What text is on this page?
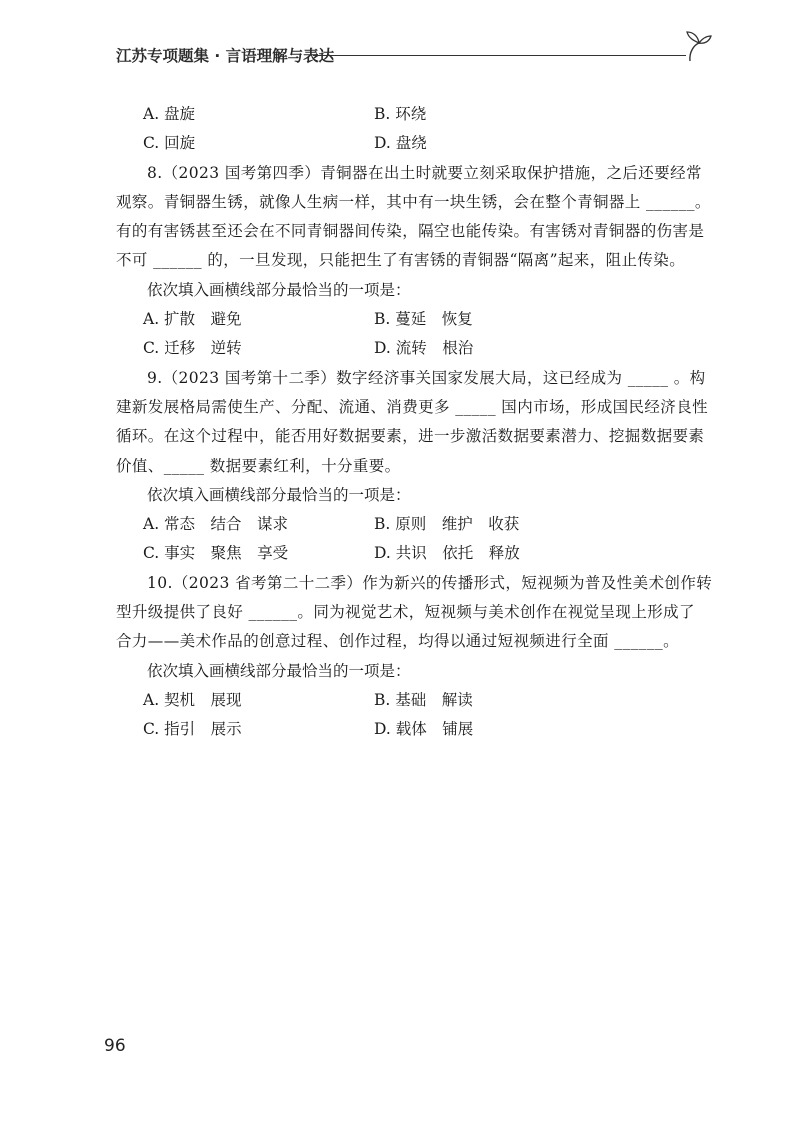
江苏专项题集 · 言语理解与表达

A. 盘旋	B. 环绕

C. 回旋	D. 盘绕

8.（2023 国考第四季）青铜器在出土时就要立刻采取保护措施，之后还要经常

观察。青铜器生锈，就像人生病一样，其中有一块生锈，会在整个青铜器上 ______。

有的有害锈甚至还会在不同青铜器间传染，隔空也能传染。有害锈对青铜器的伤害是

不可 ______ 的，一旦发现，只能把生了有害锈的青铜器“隔离”起来，阻止传染。

依次填入画横线部分最恰当的一项是：

A. 扩散　避免	B. 蔓延　恢复

C. 迁移　逆转	D. 流转　根治

9.（2023 国考第十二季）数字经济事关国家发展大局，这已经成为 _____ 。构

建新发展格局需使生产、分配、流通、消费更多 _____ 国内市场，形成国民经济良性

循环。在这个过程中，能否用好数据要素，进一步激活数据要素潜力、挖掘数据要素

价值、_____ 数据要素红利，十分重要。

依次填入画横线部分最恰当的一项是：

A. 常态　结合　谋求	B. 原则　维护　收获

C. 事实　聚焦　享受	D. 共识　依托　释放

10.（2023 省考第二十二季）作为新兴的传播形式，短视频为普及性美术创作转

型升级提供了良好 ______。同为视觉艺术，短视频与美术创作在视觉呈现上形成了

合力——美术作品的创意过程、创作过程，均得以通过短视频进行全面 ______。

依次填入画横线部分最恰当的一项是：

A. 契机　展现	B. 基础　解读

C. 指引　展示	D. 载体　铺展

96
